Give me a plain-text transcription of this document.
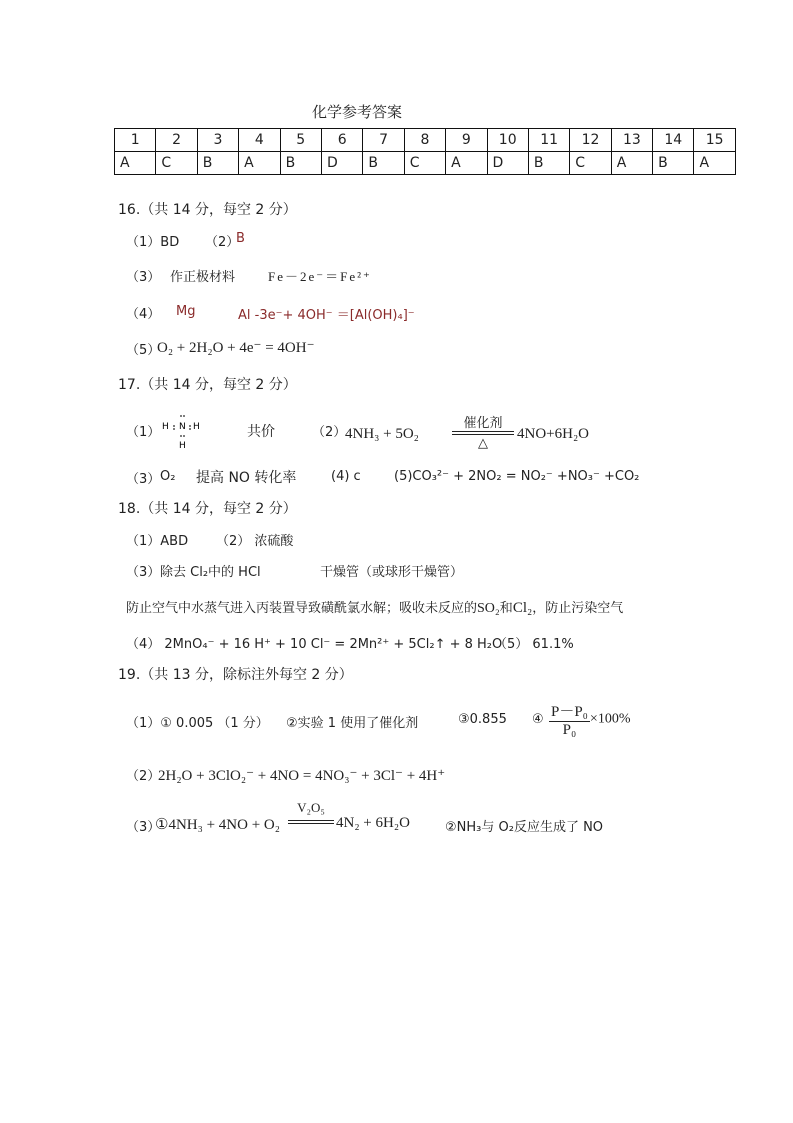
化学参考答案
1	2	3	4	5	6	7	8	9	10	11	12	13	14	15
A	C	B	A	B	D	B	C	A	D	B	C	A	B	A
16.（共 14 分，每空 2 分）
（1）BD （2）
B
（3） 作正极材料	Fe－2e⁻＝Fe²⁺
（4） Mg	Al -3e⁻+ 4OH⁻ ＝[Al(OH)₄]⁻
（5）
O₂ + 2H₂O + 4e⁻ = 4OH⁻
17.（共 14 分，每空 2 分）
（1） H N H
H
共价	（2）
4NH₃ + 5O₂
催化剂
△
4NO+6H₂O
（3） O₂ 提高 NO 转化率	(4) c	(5)CO₃²⁻ + 2NO₂ = NO₂⁻ +NO₃⁻ +CO₂
18.（共 14 分，每空 2 分）
（1）ABD （2） 浓硫酸
（3） 除去 Cl₂中的 HCl	干燥管（或球形干燥管）
防止空气中水蒸气进入丙装置导致磺酰氯水解；吸收未反应的SO₂和Cl₂，防止污染空气
（4） 2MnO₄⁻ + 16 H⁺ + 10 Cl⁻ = 2Mn²⁺ + 5Cl₂↑ + 8 H₂O
（5） 61.1%
19.（共 13 分，除标注外每空 2 分）
（1）① 0.005 （1 分） ②实验 1 使用了催化剂	③0.855 ④ $\frac{\text{P－P₀}}{\text{P₀}} \times 100\%$
（2）
2H₂O + 3ClO₂⁻ + 4NO = 4NO₃⁻ + 3Cl⁻ + 4H⁺
（3）
①4NH₃ + 4NO + O₂
V₂O₅
4N₂ + 6H₂O	②NH₃与 O₂反应生成了 NO
